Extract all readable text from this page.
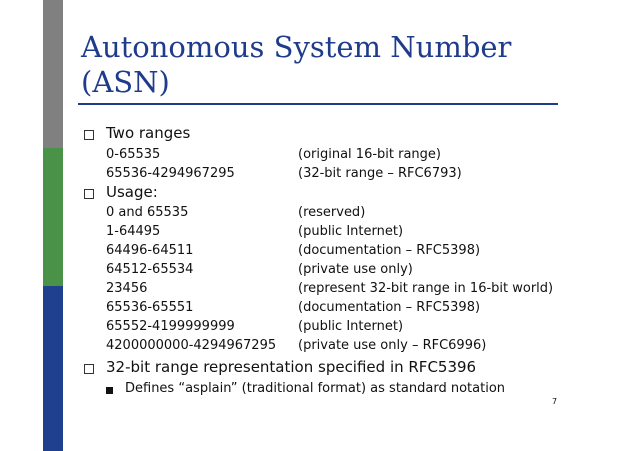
Autonomous System Number (ASN)
Two ranges
0-65535	(original 16-bit range)
65536-4294967295	(32-bit range – RFC6793)
Usage:
0 and 65535	(reserved)
1-64495	(public Internet)
64496-64511	(documentation – RFC5398)
64512-65534	(private use only)
23456	(represent 32-bit range in 16-bit world)
65536-65551	(documentation – RFC5398)
65552-4199999999	(public Internet)
4200000000-4294967295 (private use only – RFC6996)
32-bit range representation specified in RFC5396
Defines “asplain” (traditional format) as standard notation
7
